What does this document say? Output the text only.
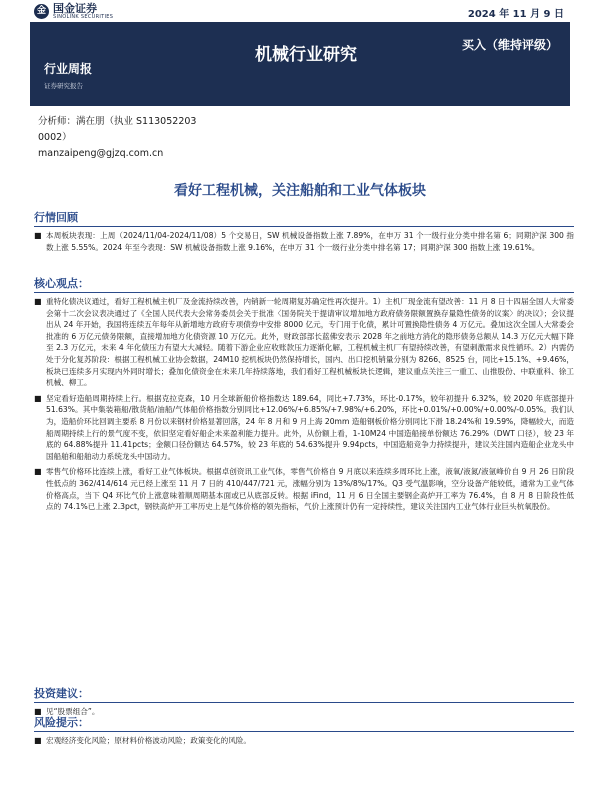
金 国金证券
SINOLINK SECURITIES	2024 年 11 月 9 日
行业周报
证券研究报告
机械行业研究	买入（维持评级）
分析师：满在朋（执业 S113052203
0002）
manzaipeng@gjzq.com.cn
看好工程机械，关注船舶和工业气体板块
行情回顾
■ 本周板块表现：上周（2024/11/04-2024/11/08）5 个交易日，SW 机械设备指数上涨 7.89%，在申万 31 个一级行业分类中排名第 6；同期沪深 300 指数上涨 5.55%。2024 年至今表现：SW 机械设备指数上涨 9.16%，在申万 31 个一级行业分类中排名第 17；同期沪深 300 指数上涨 19.61%。
核心观点：
■ 重特化债决议通过，看好工程机械主机厂及金流持续改善，内销新一轮周期复苏确定性再次提升。1）主机厂现金流有望改善：11 月 8 日十四届全国人大常委会第十二次会议表决通过了《全国人民代表大会常务委员会关于批准〈国务院关于提请审议增加地方政府债务限额置换存量隐性债务的议案〉的决议》；会议提出从 24 年开始，我国将连续五年每年从新增地方政府专项债券中安排 8000 亿元，专门用于化债，累计可置换隐性债务 4 万亿元。叠加这次全国人大常委会批准的 6 万亿元债务限额，直接增加地方化债资源 10 万亿元。此外，财政部部长蓝佛安表示 2028 年之前地方消化的隐形债务总额从 14.3 万亿元大幅下降至 2.3 万亿元，未来 4 年化债压力有望大大减轻。随着下游企业应收账款压力逐渐化解，工程机械主机厂有望持续改善，有望刺激需求良性循环。2）内需仍处于分化复苏阶段：根据工程机械工业协会数据，24M10 挖机板块仍然保持增长，国内、出口挖机销量分别为 8266、8525 台，同比+15.1%、+9.46%，板块已连续多月实现内外同时增长；叠加化债资金在未来几年持续落地，我们看好工程机械板块长逻辑，建议重点关注三一重工、山推股份、中联重科、徐工机械、柳工。
■ 坚定看好造船周期持续上行。根据克拉克森，10 月全球新船价格指数达 189.64，同比+7.73%，环比-0.17%，较年初提升 6.32%，较 2020 年底部提升 51.63%。其中集装箱船/散货船/油船/气体船价格指数分别同比+12.06%/+6.85%/+7.98%/+6.20%，环比+0.01%/+0.00%/+0.00%/-0.05%。我们认为，造船价环比回调主要系 8 月份以来钢材价格显著回落，24 年 8 月和 9 月上海 20mm 造船钢板价格分别同比下滑 18.24%和 19.59%，降幅较大，而造船周期持续上行的景气度不变，依旧坚定看好船企未来盈利能力提升。此外，从份额上看，1-10M24 中国造船接单份额达 76.29%（DWT 口径），较 23 年底的 64.88%提升 11.41pcts；金额口径份额达 64.57%，较 23 年底的 54.63%提升 9.94pcts，中国造船竞争力持续提升，建议关注国内造船企业龙头中国船舶和船舶动力系统龙头中国动力。
■ 零售气价格环比连续上涨，看好工业气体板块。根据卓创资讯工业气体，零售气价格自 9 月底以来连续多周环比上涨，液氧/液氮/液氩峰价自 9 月 26 日阶段性低点的 362/414/614 元已经上涨至 11 月 7 日的 410/447/721 元，涨幅分别为 13%/8%/17%。Q3 受气温影响，空分设备产能较低，通常为工业气体价格高点，当下 Q4 环比气价上涨意味着顺周期基本面或已从底部反转。根据 iFind，11 月 6 日全国主要钢企高炉开工率为 76.4%，自 8 月 8 日阶段性低点的 74.1%已上涨 2.3pct，钢铁高炉开工率历史上是气体价格的领先指标，气价上涨预计仍有一定持续性，建议关注国内工业气体行业巨头杭氧股份。
投资建议：
■ 见“股票组合”。
风险提示：
■ 宏观经济变化风险；原材料价格波动风险；政策变化的风险。
